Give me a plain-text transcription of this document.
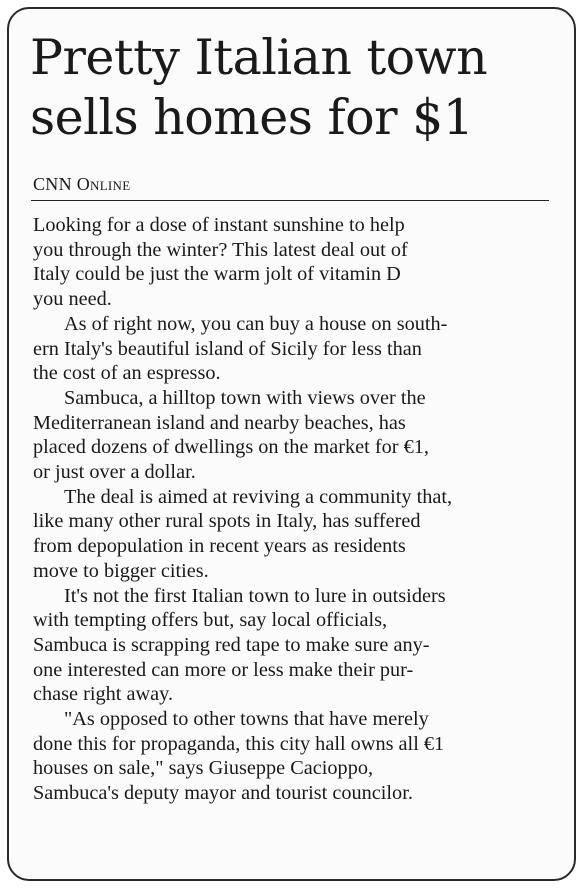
Pretty Italian town
sells homes for $1
CNN Online
Looking for a dose of instant sunshine to help
you through the winter? This latest deal out of
Italy could be just the warm jolt of vitamin D
you need.
As of right now, you can buy a house on south-
ern Italy's beautiful island of Sicily for less than
the cost of an espresso.
Sambuca, a hilltop town with views over the
Mediterranean island and nearby beaches, has
placed dozens of dwellings on the market for €1,
or just over a dollar.
The deal is aimed at reviving a community that,
like many other rural spots in Italy, has suffered
from depopulation in recent years as residents
move to bigger cities.
It's not the first Italian town to lure in outsiders
with tempting offers but, say local officials,
Sambuca is scrapping red tape to make sure any-
one interested can more or less make their pur-
chase right away.
"As opposed to other towns that have merely
done this for propaganda, this city hall owns all €1
houses on sale," says Giuseppe Cacioppo,
Sambuca's deputy mayor and tourist councilor.
